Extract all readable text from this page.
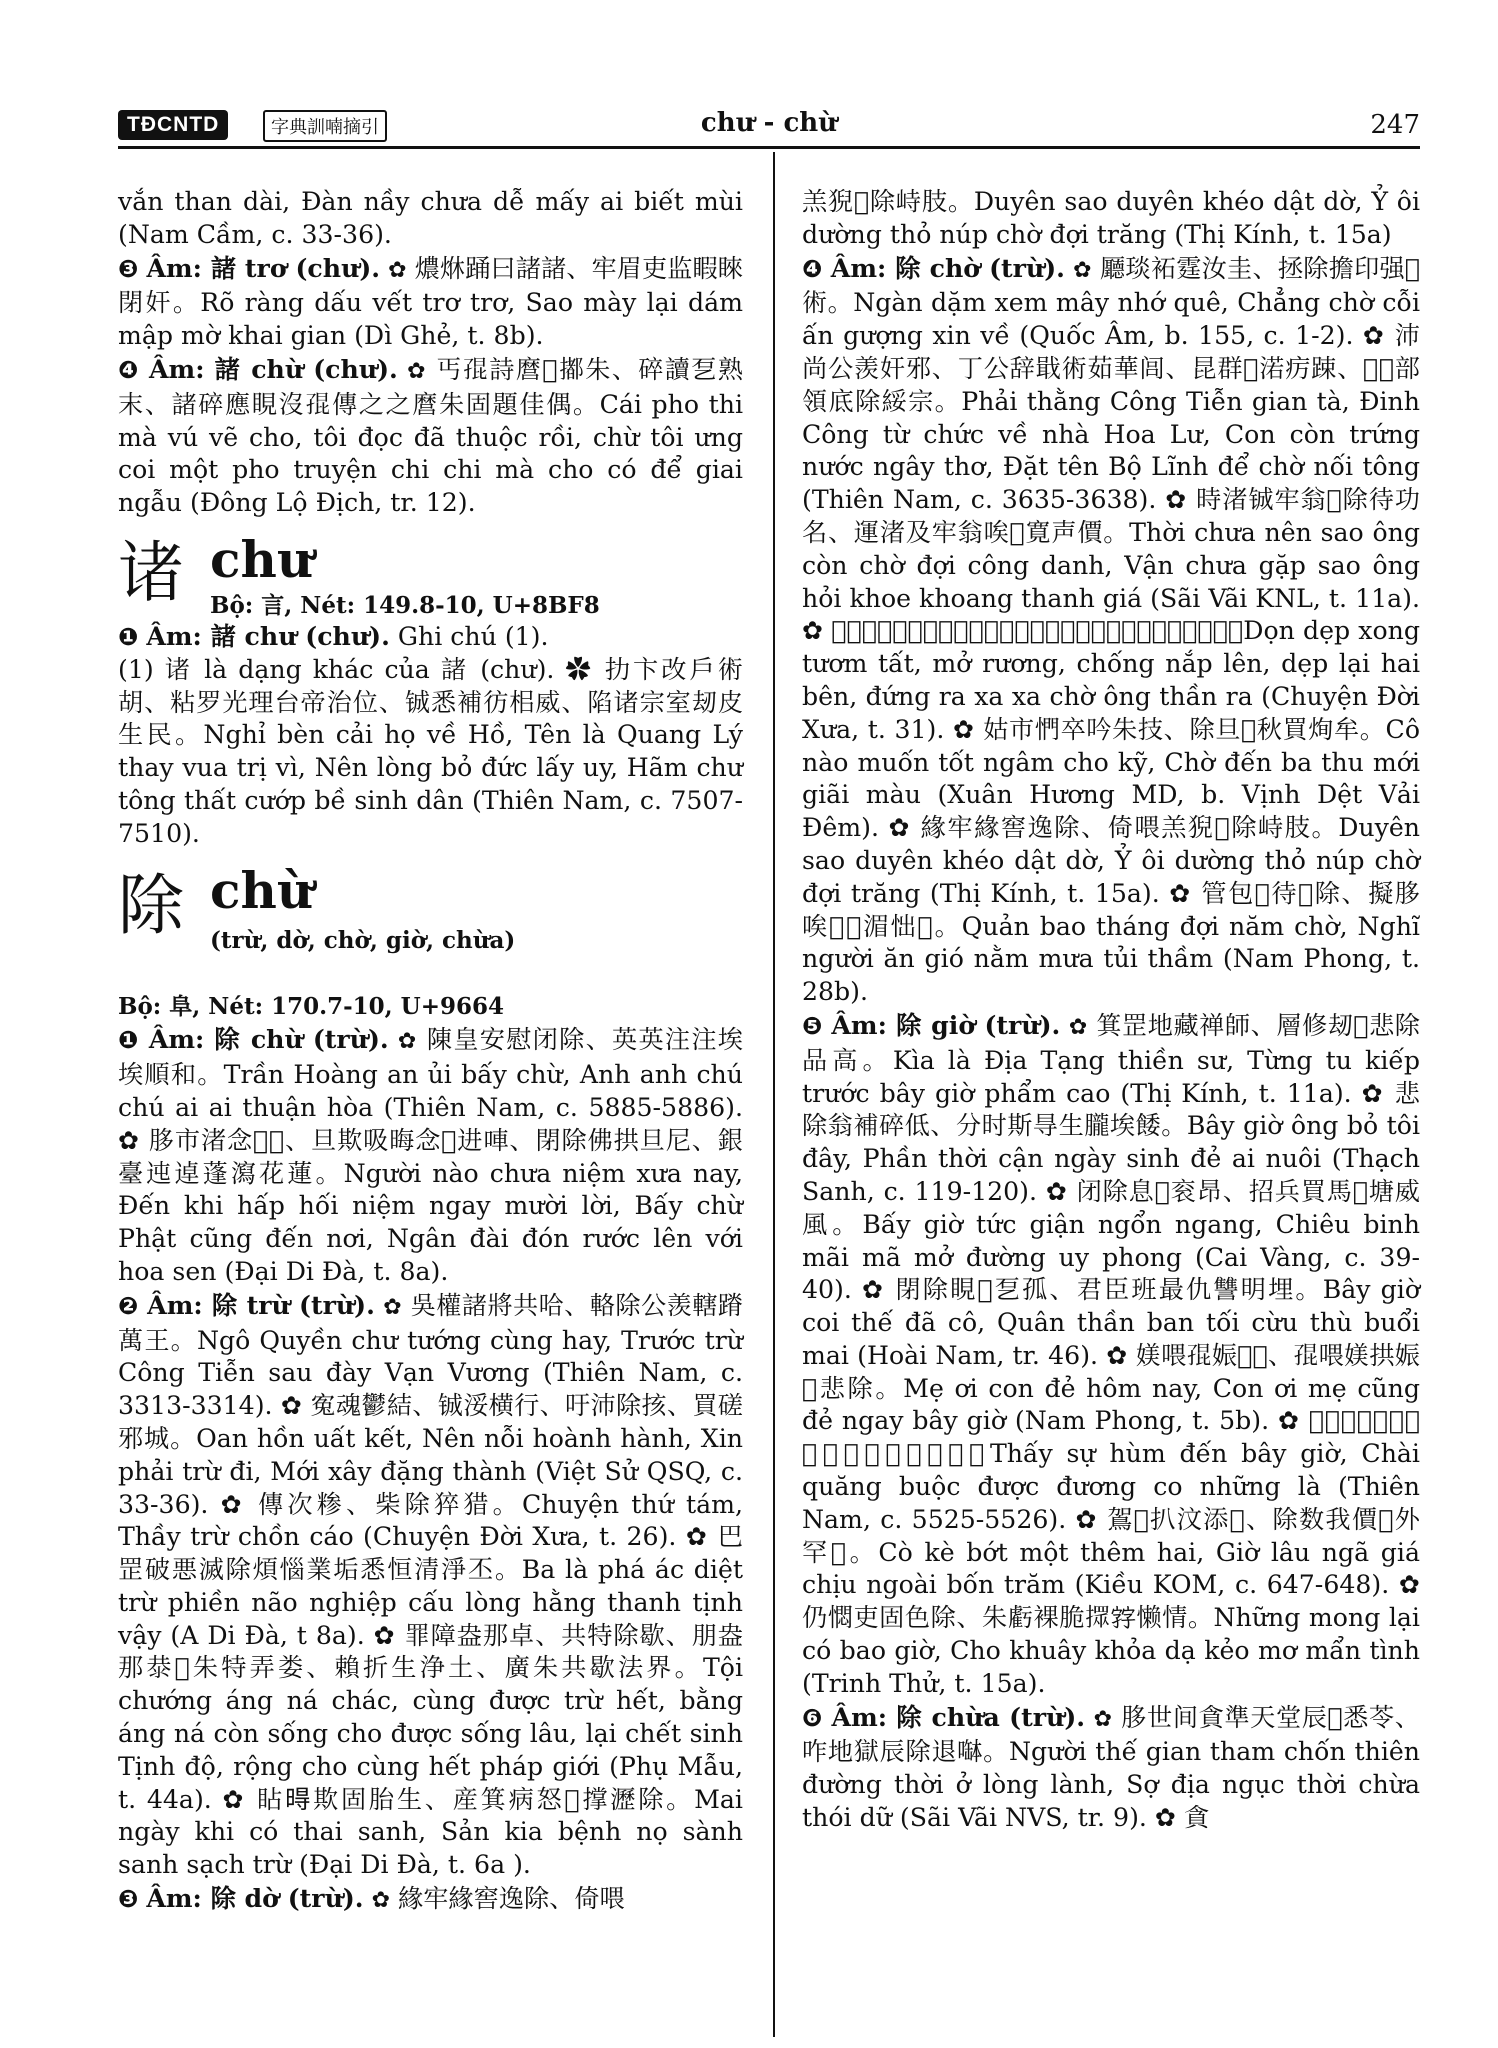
TĐCNTD	字典訓喃摘引	chư - chừ	247

vắn than dài, Đàn nầy chưa dễ mấy ai biết mùi (Nam Cầm, c. 33-36).

❸ Âm: 諸 trơ (chư). ✿ 燶烌踊曰諸諸、牢眉吏监睱睞閉奸。Rõ ràng dấu vết trơ trơ, Sao mày lại dám mập mờ khai gian (Dì Ghẻ, t. 8b).

❹ Âm: 諸 chừ (chư). ✿ 丐𡥵詩麿𡞕𢵋朱、碎讀乭熟末、諸碎應睍沒𡥵傳之之麿朱固題佳偶。Cái pho thi mà vú vẽ cho, tôi đọc đã thuộc rồi, chừ tôi ưng coi một pho truyện chi chi mà cho có để giai ngẫu (Đông Lộ Địch, tr. 12).

诸 chư
Bộ: 言, Nét: 149.8-10, U+8BF8

❶ Âm: 諸 chư (chư). Ghi chú (1).

(1) 诸 là dạng khác của 諸 (chư). ✿ 扐卞改戶術胡、粘罗光理台帝治位、铖悉補彷㭒威、陷诸宗室刼皮生民。Nghỉ bèn cải họ về Hồ, Tên là Quang Lý thay vua trị vì, Nên lòng bỏ đức lấy uy, Hãm chư tông thất cướp bề sinh dân (Thiên Nam, c. 7507-7510).

除 chừ
(trừ, dờ, chờ, giờ, chừa)

Bộ: 阜, Nét: 170.7-10, U+9664

❶ Âm: 除 chừ (trừ). ✿ 陳皇安慰闭除、英英注注埃埃順和。Trần Hoàng an ủi bấy chừ, Anh anh chú chú ai ai thuận hòa (Thiên Nam, c. 5885-5886). ✿ 䏧市渚念𠯹𠳒、旦欺吸晦念𠱋进唓、閉除佛拱旦尼、銀臺迍逴蓬瀉花蓮。Người nào chưa niệm xưa nay, Đến khi hấp hối niệm ngay mười lời, Bấy chừ Phật cũng đến nơi, Ngân đài đón rước lên với hoa sen (Đại Di Đà, t. 8a).

❷ Âm: 除 trừ (trừ). ✿ 吳權諸將共哈、輅除公羡轄蹐萬王。Ngô Quyền chư tướng cùng hay, Trước trừ Công Tiễn sau đày Vạn Vương (Thiên Nam, c. 3313-3314). ✿ 寃魂鬱結、铖浽横行、吁沛除㧡、買磋邪城。Oan hồn uất kết, Nên nỗi hoành hành, Xin phải trừ đi, Mới xây đặng thành (Việt Sử QSQ, c. 33-36). ✿ 傳次糁、柴除猝猎。Chuyện thứ tám, Thầy trừ chồn cáo (Chuyện Đời Xưa, t. 26). ✿ 巴罡破悪滅除煩惱業垢悉恒清淨丕。Ba là phá ác diệt trừ phiền não nghiệp cấu lòng hằng thanh tịnh vậy (A Di Đà, t 8a). ✿ 罪障盎那卓、共特除歇、朋盎那㳟𢂞朱特弄娄、賴折生浄土、廣朱共歇法界。Tội chướng áng ná chác, cùng được trừ hết, bằng áng ná còn sống cho được sống lâu, lại chết sinh Tịnh độ, rộng cho cùng hết pháp giới (Phụ Mẫu, t. 44a). ✿ 䀡𣈜欺固胎生、産箕病怒𥓹撑瀝除。Mai ngày khi có thai sanh, Sản kia bệnh nọ sành sanh sạch trừ (Đại Di Đà, t. 6a ).

❸ Âm: 除 dờ (trừ). ✿ 緣牢緣窖逸除、倚喂

羔猊𠯦除峙肢。Duyên sao duyên khéo dật dờ, Ỷ ôi dường thỏ núp chờ đợi trăng (Thị Kính, t. 15a)

❹ Âm: 除 chờ (trừ). ✿ 㕔琰袥霆汝圭、拯除擔印强𠯇術。Ngàn dặm xem mây nhớ quê, Chẳng chờ cỗi ấn gượng xin về (Quốc Âm, b. 155, c. 1-2). ✿ 沛尚公羡奸邪、丁公辞戢術茹華闾、昆群𦓅渃疠踈、𠻀𤈜部領底除綏宗。Phải thằng Công Tiễn gian tà, Đinh Công từ chức về nhà Hoa Lư, Con còn trứng nước ngây thơ, Đặt tên Bộ Lĩnh để chờ nối tông (Thiên Nam, c. 3635-3638). ✿ 時渚铖牢翁𦗚除待功名、運渚及牢翁唉𠻀寛声價。Thời chưa nên sao ông còn chờ đợi công danh, Vận chưa gặp sao ông hỏi khoe khoang thanh giá (Sãi Vãi KNL, t. 11a). ✿ 𢬣㩫衝僭畢、𢹣厢、㨉𦹳进、㩫吏𠃅邊、等㘓賒賒除翁神㘓。Dọn dẹp xong tươm tất, mở rương, chống nắp lên, dẹp lại hai bên, đứng ra xa xa chờ ông thần ra (Chuyện Đời Xưa, t. 31). ✿ 姑市㥃卒吟朱技、除旦𢀭秋買㶷牟。Cô nào muốn tốt ngâm cho kỹ, Chờ đến ba thu mới giãi màu (Xuân Hương MD, b. Vịnh Dệt Vải Đêm). ✿ 緣牢緣窖逸除、倚喂羔猊𠯦除峙肢。Duyên sao duyên khéo dật dờ, Ỷ ôi dường thỏ núp chờ đợi trăng (Thị Kính, t. 15a). ✿ 管包𦝄待𢆥除、擬䏧唉𩙍𦝊湄㤕𢬣。Quản bao tháng đợi năm chờ, Nghĩ người ăn gió nằm mưa tủi thầm (Nam Phong, t. 28b).

❺ Âm: 除 giờ (trừ). ✿ 箕罡地藏禅師、層修刼𣦍悲除品高。Kìa là Địa Tạng thiền sư, Từng tu kiếp trước bây giờ phẩm cao (Thị Kính, t. 11a). ✿ 悲除翁補碎低、分时斯㝵生朧埃餧。Bây giờ ông bỏ tôi đây, Phần thời cận ngày sinh đẻ ai nuôi (Thạch Sanh, c. 119-120). ✿ 闭除息𢚸衮昂、招兵買馬𦀊塘威風。Bấy giờ tức giận ngổn ngang, Chiêu binh mãi mã mở đường uy phong (Cai Vàng, c. 39-40). ✿ 閉除睍𠴍乭孤、君臣班最仇讐明埋。Bây giờ coi thế đã cô, Quân thần ban tối cừu thù buổi mai (Hoài Nam, tr. 46). ✿ 媄喂𡥵娠𣋚𠯹、𡥵喂媄拱娠𠱋悲除。Mẹ ơi con đẻ hôm nay, Con ơi mẹ cũng đẻ ngay bây giờ (Nam Phong, t. 5b). ✿ 𥹰事猞典闭除、紂肱紏特當𢯏仍罗。Thấy sự hùm đến bây giờ, Chài quăng buộc được đương co những là (Thiên Nam, c. 5525-5526). ✿ 鴐𢬣扒汶添𠄩、除数我價𢀲外罕𠬠。Cò kè bớt một thêm hai, Giờ lâu ngã giá chịu ngoài bốn trăm (Kiều KOM, c. 647-648). ✿ 仍㦖吏固色除、朱虧裸脆𢶢𡦂懒情。Những mong lại có bao giờ, Cho khuây khỏa dạ kẻo mơ mẩn tình (Trinh Thử, t. 15a).

❻ Âm: 除 chừa (trừ). ✿ 䏧世间貪準天堂辰𢚸悉苓、咋地獄辰除退𠼭。Người thế gian tham chốn thiên đường thời ở lòng lành, Sợ địa ngục thời chừa thói dữ (Sãi Vãi NVS, tr. 9). ✿ 貪
